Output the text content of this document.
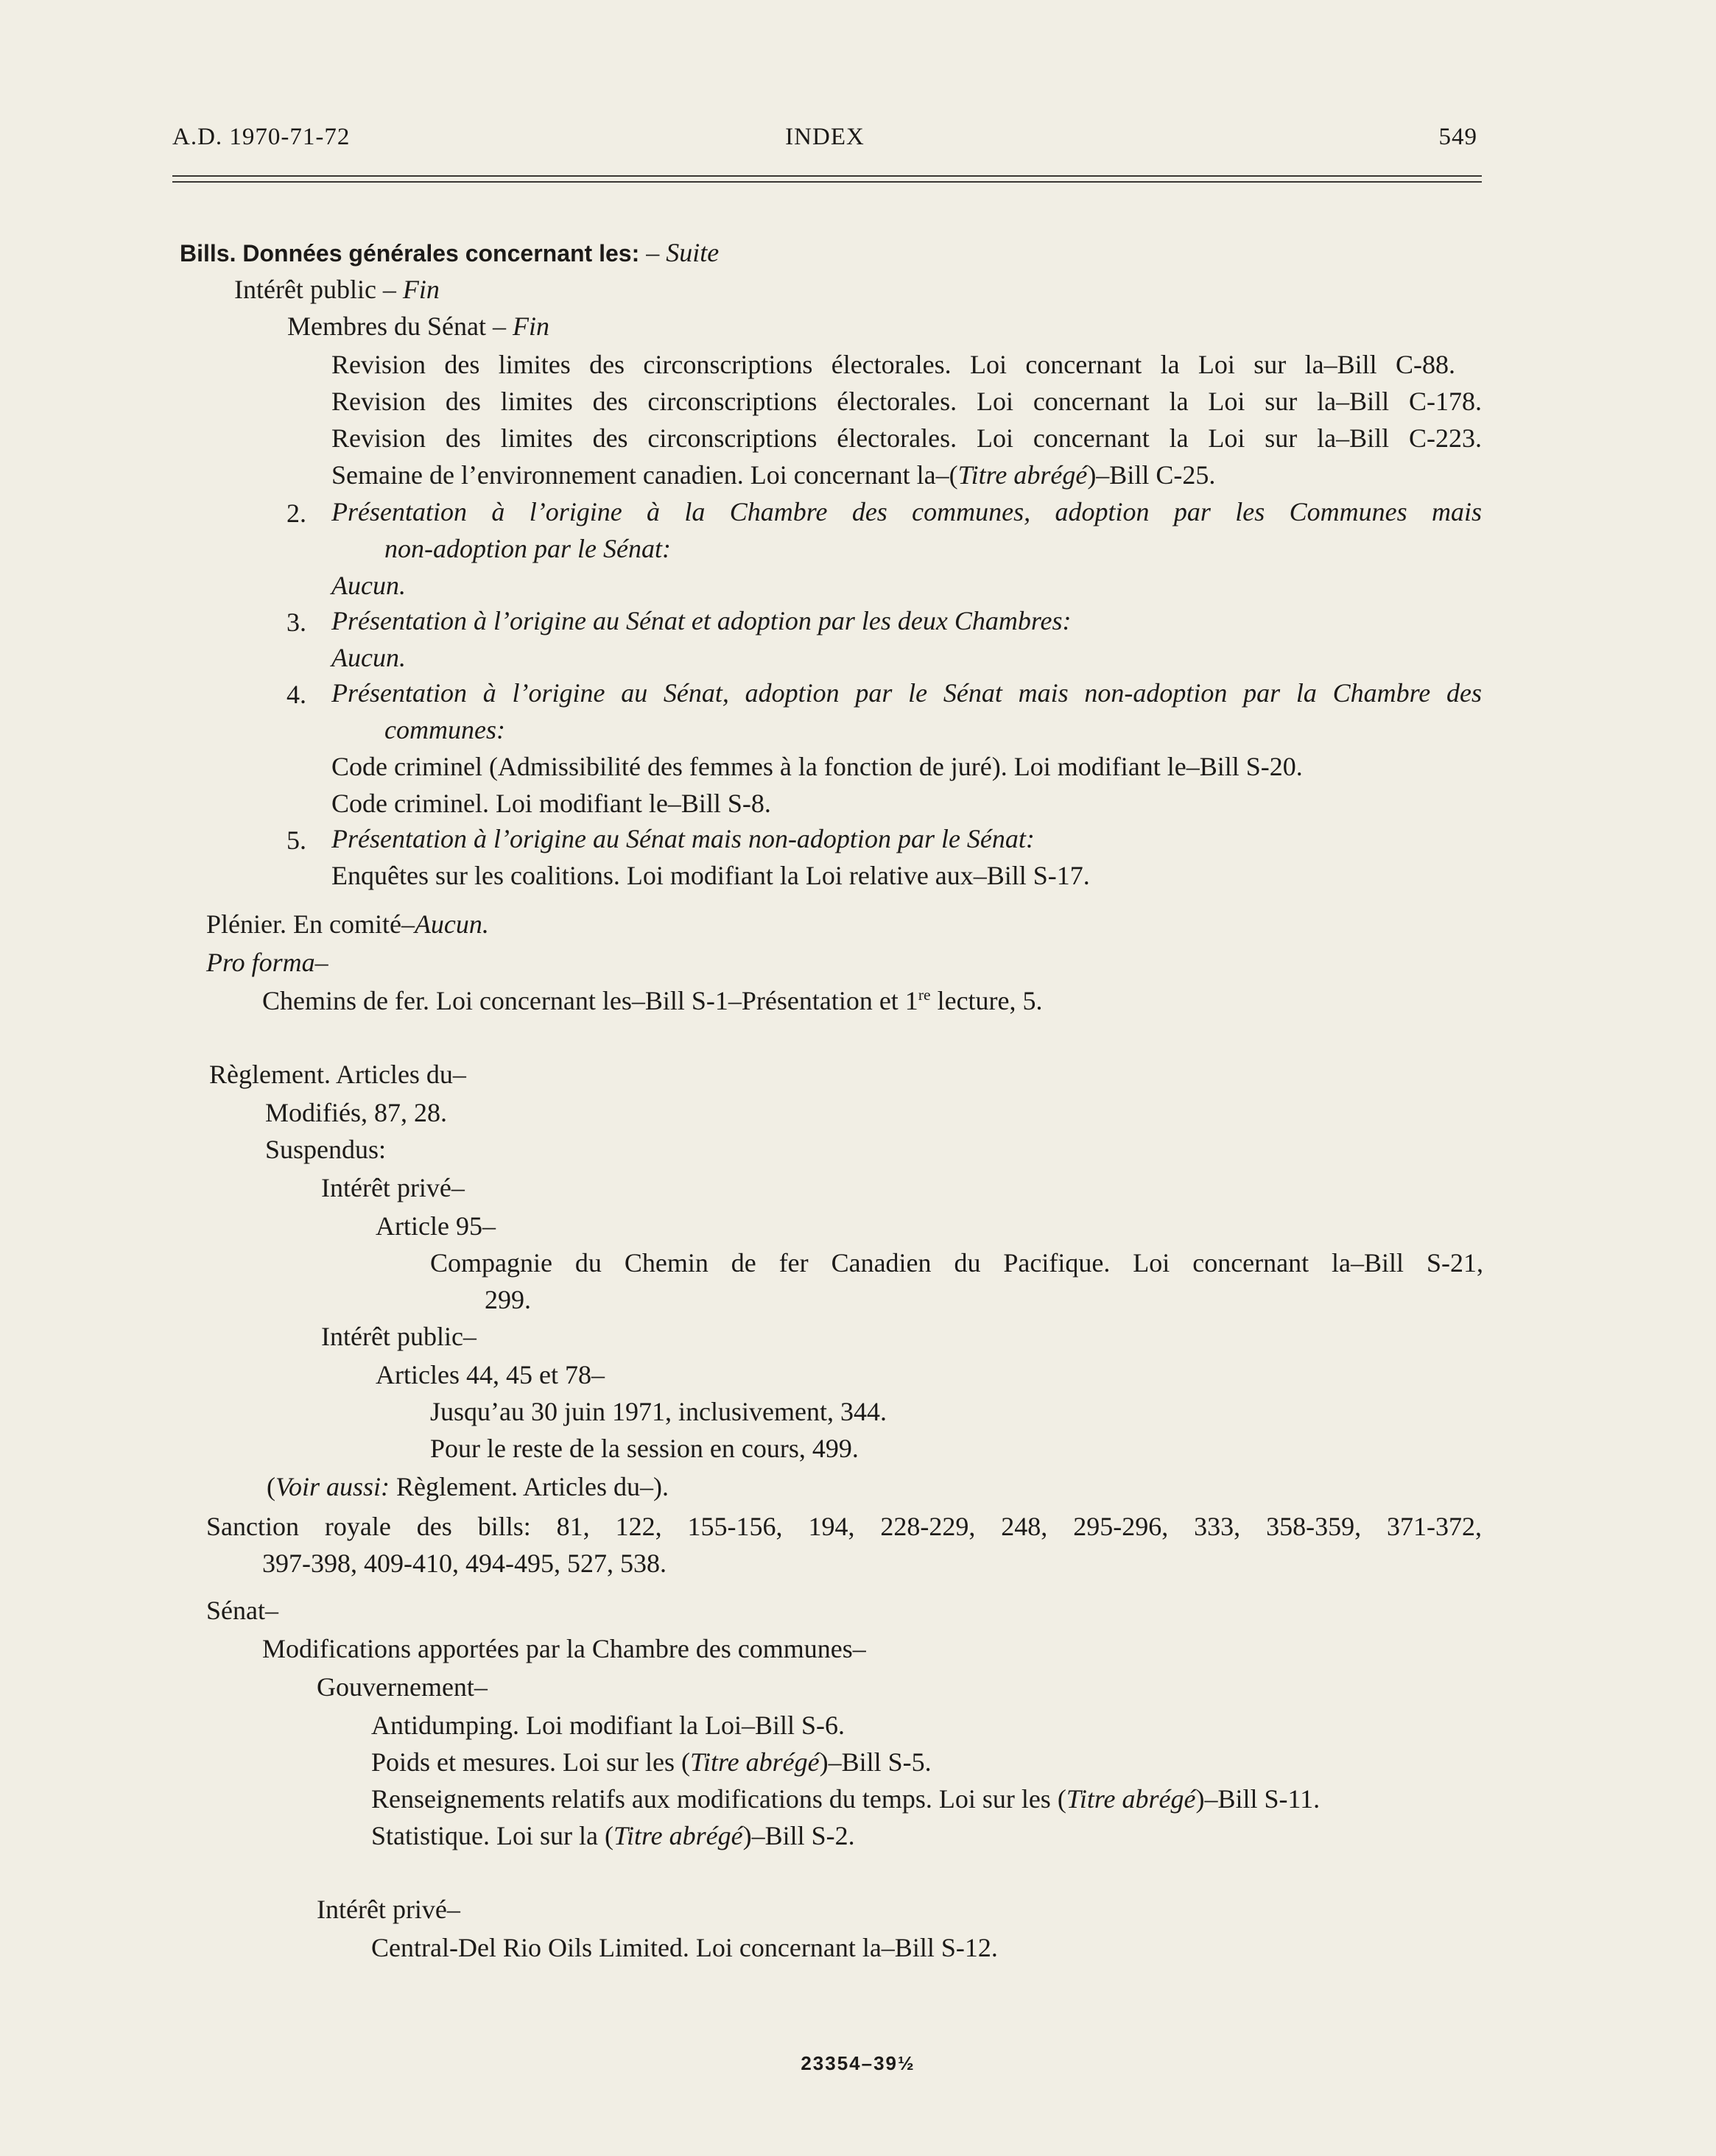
A.D. 1970-71-72	INDEX	549
Bills. Données générales concernant les: – Suite
Intérêt public – Fin
Membres du Sénat – Fin
Revision des limites des circonscriptions électorales. Loi concernant la Loi sur la–Bill C-88.
Revision des limites des circonscriptions électorales. Loi concernant la Loi sur la–Bill C-178.
Revision des limites des circonscriptions électorales. Loi concernant la Loi sur la–Bill C-223.
Semaine de l’environnement canadien. Loi concernant la–(Titre abrégé)–Bill C-25.
2. Présentation à l’origine à la Chambre des communes, adoption par les Communes mais
non-adoption par le Sénat:
Aucun.
3. Présentation à l’origine au Sénat et adoption par les deux Chambres:
Aucun.
4. Présentation à l’origine au Sénat, adoption par le Sénat mais non-adoption par la Chambre des
communes:
Code criminel (Admissibilité des femmes à la fonction de juré). Loi modifiant le–Bill S-20.
Code criminel. Loi modifiant le–Bill S-8.
5. Présentation à l’origine au Sénat mais non-adoption par le Sénat:
Enquêtes sur les coalitions. Loi modifiant la Loi relative aux–Bill S-17.
Plénier. En comité–Aucun.
Pro forma–
Chemins de fer. Loi concernant les–Bill S-1–Présentation et 1re lecture, 5.
Règlement. Articles du–
Modifiés, 87, 28.
Suspendus:
Intérêt privé–
Article 95–
Compagnie du Chemin de fer Canadien du Pacifique. Loi concernant la–Bill S-21,
299.
Intérêt public–
Articles 44, 45 et 78–
Jusqu’au 30 juin 1971, inclusivement, 344.
Pour le reste de la session en cours, 499.
(Voir aussi: Règlement. Articles du–).
Sanction royale des bills: 81, 122, 155-156, 194, 228-229, 248, 295-296, 333, 358-359, 371-372,
397-398, 409-410, 494-495, 527, 538.
Sénat–
Modifications apportées par la Chambre des communes–
Gouvernement–
Antidumping. Loi modifiant la Loi–Bill S-6.
Poids et mesures. Loi sur les (Titre abrégé)–Bill S-5.
Renseignements relatifs aux modifications du temps. Loi sur les (Titre abrégé)–Bill S-11.
Statistique. Loi sur la (Titre abrégé)–Bill S-2.
Intérêt privé–
Central-Del Rio Oils Limited. Loi concernant la–Bill S-12.
23354–39½
